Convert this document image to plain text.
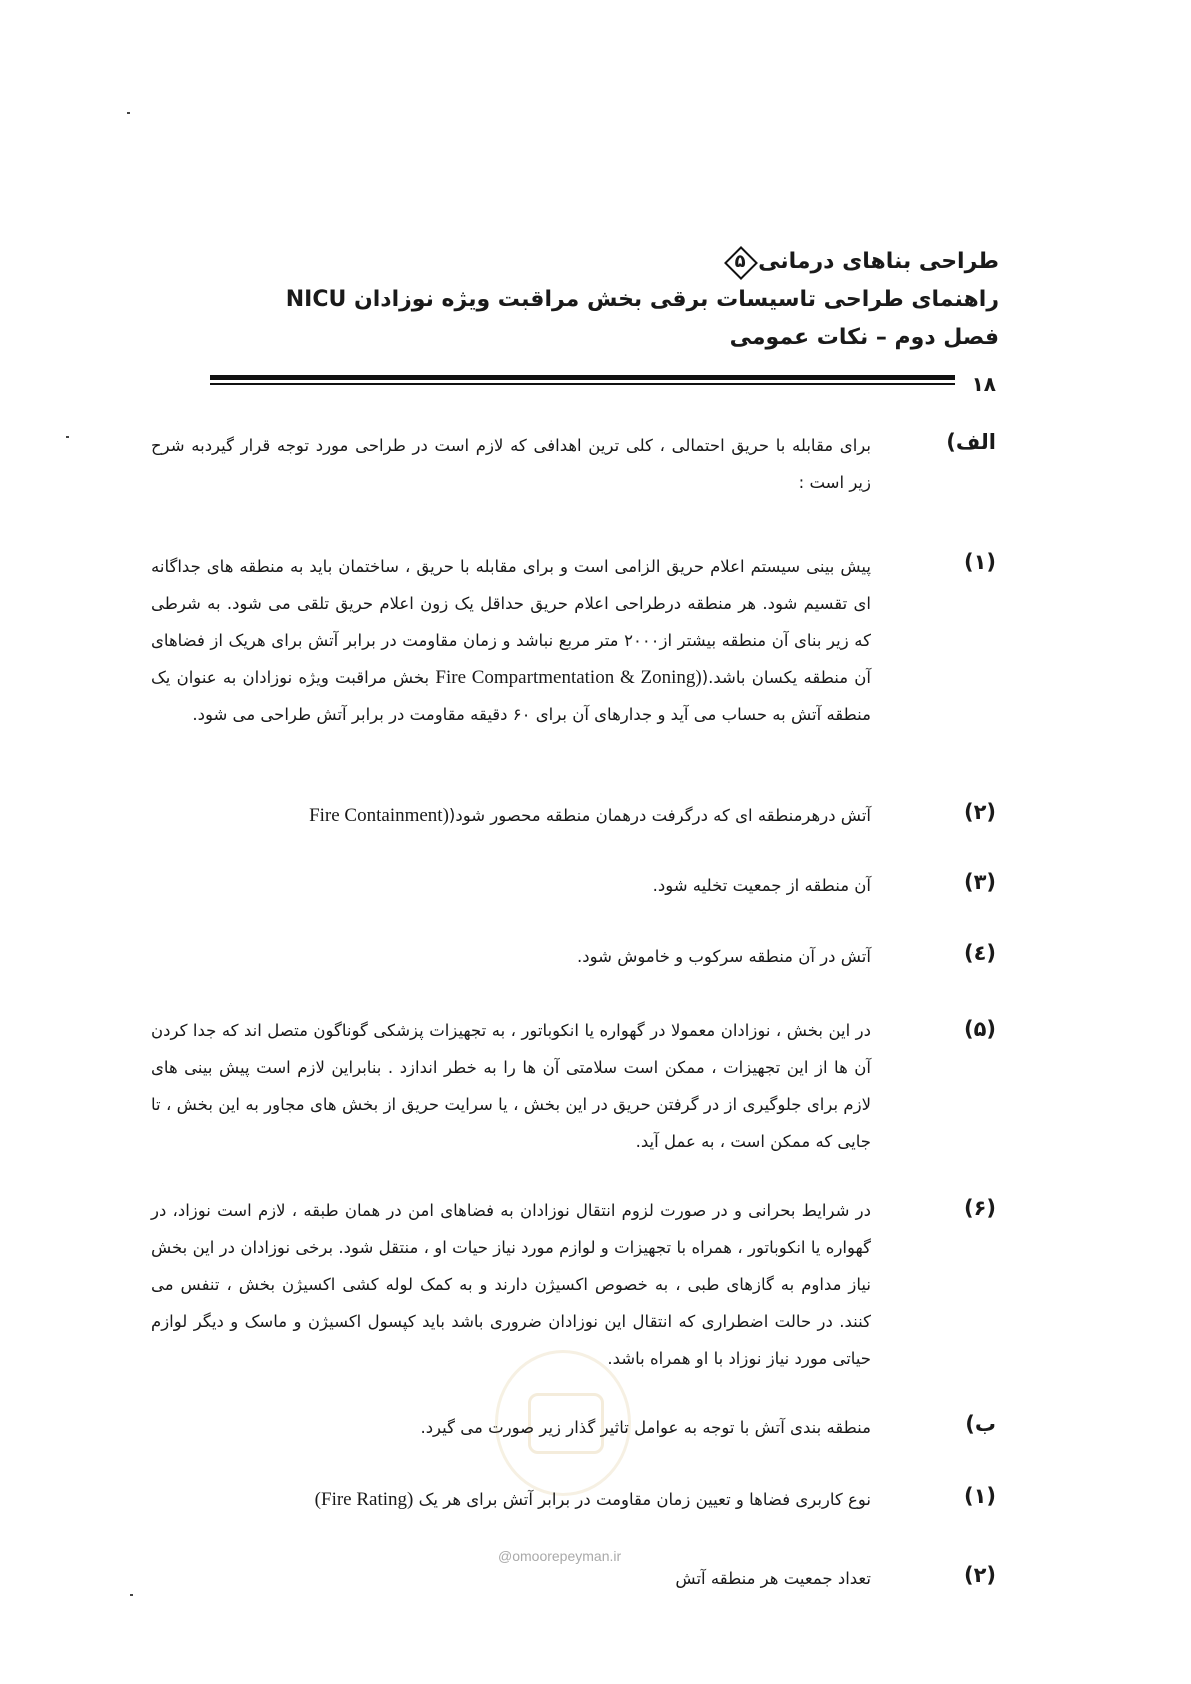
طراحی بناهای درمانی
۵
راهنمای طراحی تاسیسات برقی بخش مراقبت ویژه نوزادان NICU
فصل دوم – نکات عمومی
۱۸
الف)
برای مقابله با حریق احتمالی ، کلی ترین اهدافی که لازم است در طراحی مورد توجه قرار گیردبه شرح زیر است :
(۱)
پیش بینی سیستم اعلام حریق الزامی است و برای مقابله با حریق ، ساختمان باید به منطقه های جداگانه ای تقسیم شود. هر منطقه درطراحی اعلام حریق حداقل یک زون اعلام حریق تلقی می شود. به شرطی که زیر بنای آن منطقه بیشتر از۲۰۰۰ متر مربع نباشد و زمان مقاومت در برابر آتش برای هریک از فضاهای آن منطقه یکسان باشد.(Fire Compartmentation & Zoning) بخش مراقبت ویژه نوزادان به عنوان یک منطقه آتش به حساب می آید و جدارهای آن برای ۶۰ دقیقه مقاومت در برابر آتش طراحی می شود.
(۲)
آتش درهرمنطقه ای که درگرفت درهمان منطقه محصور شود(Fire Containment)
(۳)
آن منطقه از جمعیت تخلیه شود.
(٤)
آتش در آن منطقه سرکوب و خاموش شود.
(۵)
در این بخش ، نوزادان معمولا در گهواره یا انکوباتور ، به تجهیزات پزشکی گوناگون متصل اند که جدا کردن آن ها از این تجهیزات ، ممکن است سلامتی آن ها را به خطر اندازد . بنابراین لازم است پیش بینی های لازم برای جلوگیری از در گرفتن حریق در این بخش ، یا سرایت حریق از بخش های مجاور به این بخش ، تا جایی که ممکن است ، به عمل آید.
(۶)
در شرایط بحرانی و در صورت لزوم انتقال نوزادان به فضاهای امن در همان طبقه ، لازم است نوزاد، در گهواره یا انکوباتور ، همراه با تجهیزات و لوازم مورد نیاز حیات او ، منتقل شود. برخی نوزادان در این بخش نیاز مداوم به گازهای طبی ، به خصوص اکسیژن دارند و به کمک لوله کشی اکسیژن بخش ، تنفس می کنند. در حالت اضطراری که انتقال این نوزادان ضروری باشد باید کپسول اکسیژن و ماسک و دیگر لوازم حیاتی مورد نیاز نوزاد با او همراه باشد.
@omoorepeyman.ir
ب)
منطقه بندی آتش با توجه به عوامل تاثیر گذار زیر صورت می گیرد.
(۱)
نوع کاربری فضاها و تعیین زمان مقاومت در برابر آتش برای هر یک (Fire Rating)
(۲)
تعداد جمعیت هر منطقه آتش
